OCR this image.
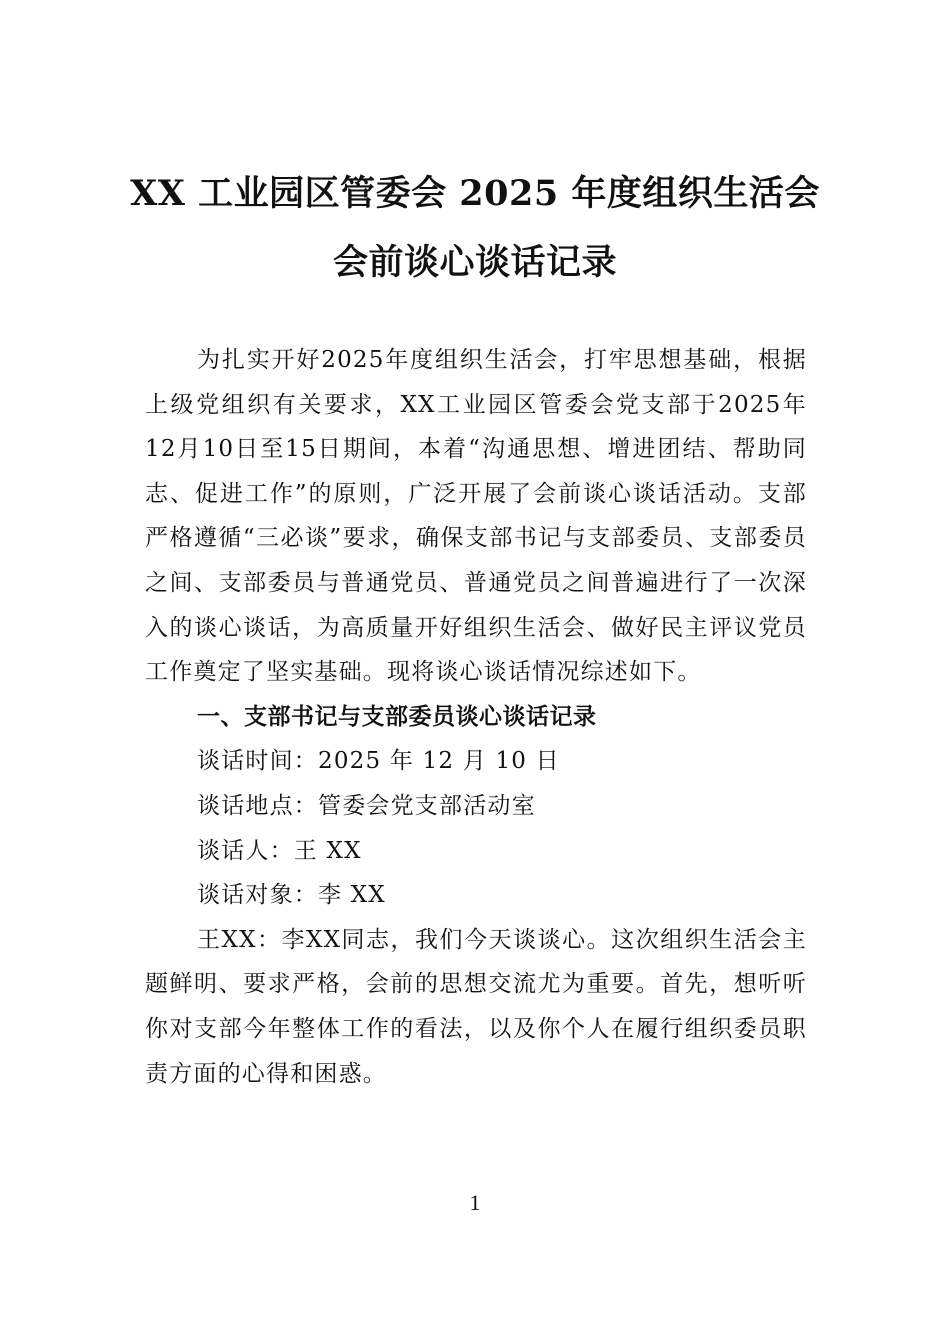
XX 工业园区管委会 2025 年度组织生活会
会前谈心谈话记录

为扎实开好2025年度组织生活会，打牢思想基础，根据上级党组织有关要求，XX工业园区管委会党支部于2025年12月10日至15日期间，本着“沟通思想、增进团结、帮助同志、促进工作”的原则，广泛开展了会前谈心谈话活动。支部严格遵循“三必谈”要求，确保支部书记与支部委员、支部委员之间、支部委员与普通党员、普通党员之间普遍进行了一次深入的谈心谈话，为高质量开好组织生活会、做好民主评议党员工作奠定了坚实基础。现将谈心谈话情况综述如下。

一、支部书记与支部委员谈心谈话记录

谈话时间：2025 年 12 月 10 日

谈话地点：管委会党支部活动室

谈话人：王 XX

谈话对象：李 XX

王XX：李XX同志，我们今天谈谈心。这次组织生活会主题鲜明、要求严格，会前的思想交流尤为重要。首先，想听听你对支部今年整体工作的看法，以及你个人在履行组织委员职责方面的心得和困惑。

1
